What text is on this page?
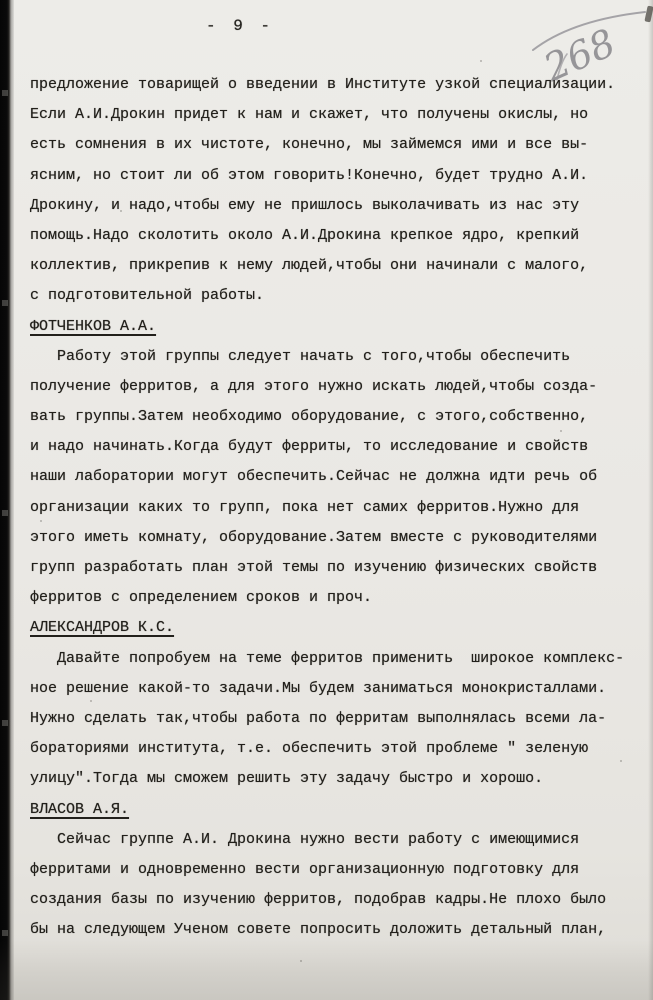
- 9 -	268
предложение товарищей о введении в Институте узкой специализации.
Если А.И.Дрокин придет к нам и скажет, что получены окислы, но
есть сомнения в их чистоте, конечно, мы займемся ими и все вы-
ясним, но стоит ли об этом говорить!Конечно, будет трудно А.И.
Дрокину, и надо,чтобы ему не пришлось выколачивать из нас эту
помощь.Надо сколотить около А.И.Дрокина крепкое ядро, крепкий
коллектив, прикрепив к нему людей,чтобы они начинали с малого,
с подготовительной работы.
ФОТЧЕНКОВ А.А.
Работу этой группы следует начать с того,чтобы обеспечить
получение ферритов, а для этого нужно искать людей,чтобы созда-
вать группы.Затем необходимо оборудование, с этого,собственно,
и надо начинать.Когда будут ферриты, то исследование и свойств
наши лаборатории могут обеспечить.Сейчас не должна идти речь об
организации каких то групп, пока нет самих ферритов.Нужно для
этого иметь комнату, оборудование.Затем вместе с руководителями
групп разработать план этой темы по изучению физических свойств
ферритов с определением сроков и проч.
АЛЕКСАНДРОВ К.С.
Давайте попробуем на теме ферритов применить  широкое комплекс-
ное решение какой-то задачи.Мы будем заниматься монокристаллами.
Нужно сделать так,чтобы работа по ферритам выполнялась всеми ла-
бораториями института, т.е. обеспечить этой проблеме " зеленую
улицу".Тогда мы сможем решить эту задачу быстро и хорошо.
ВЛАСОВ А.Я.
Сейчас группе А.И. Дрокина нужно вести работу с имеющимися
ферритами и одновременно вести организационную подготовку для
создания базы по изучению ферритов, подобрав кадры.Не плохо было
бы на следующем Ученом совете попросить доложить детальный план,
